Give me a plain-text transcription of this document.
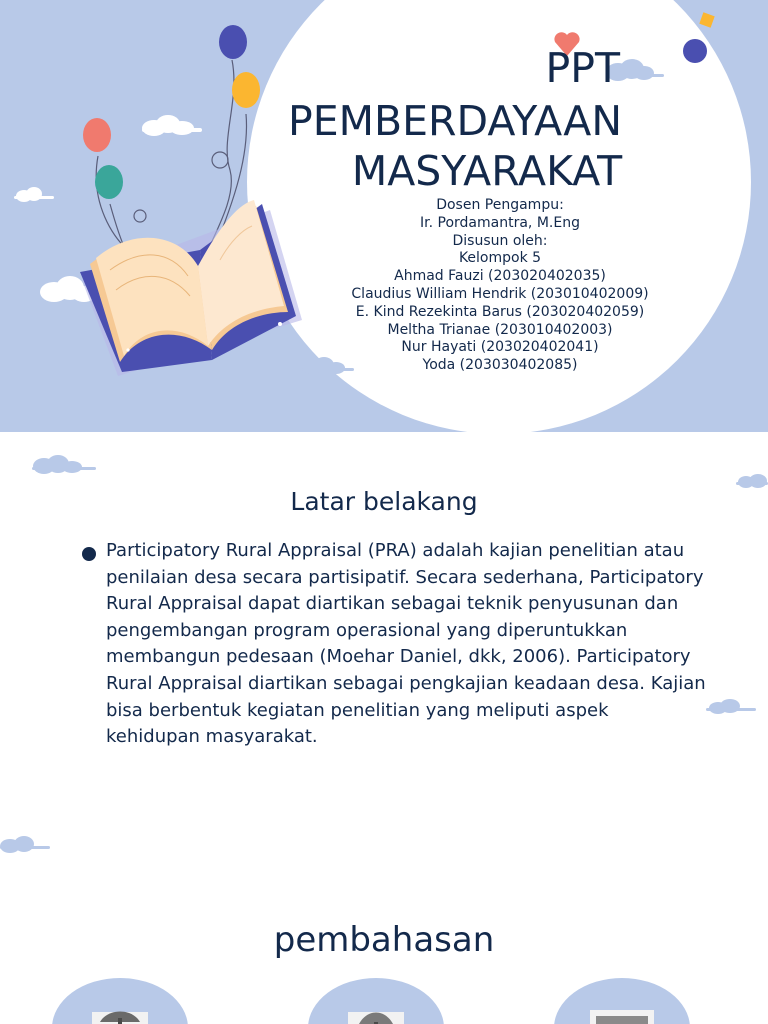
PPT
PEMBERDAYAAN
MASYARAKAT
Dosen Pengampu:
Ir. Pordamantra, M.Eng
Disusun oleh:
Kelompok 5
Ahmad Fauzi (203020402035)
Claudius William Hendrik (203010402009)
E. Kind Rezekinta Barus (203020402059)
Meltha Trianae (203010402003)
Nur Hayati (203020402041)
Yoda (203030402085)
Latar belakang

Participatory Rural Appraisal (PRA) adalah kajian penelitian atau penilaian desa secara partisipatif. Secara sederhana, Participatory Rural Appraisal dapat diartikan sebagai teknik penyusunan dan pengembangan program operasional yang diperuntukkan membangun pedesaan (Moehar Daniel, dkk, 2006). Participatory Rural Appraisal diartikan sebagai pengkajian keadaan desa. Kajian bisa berbentuk kegiatan penelitian yang meliputi aspek kehidupan masyarakat.

pembahasan
